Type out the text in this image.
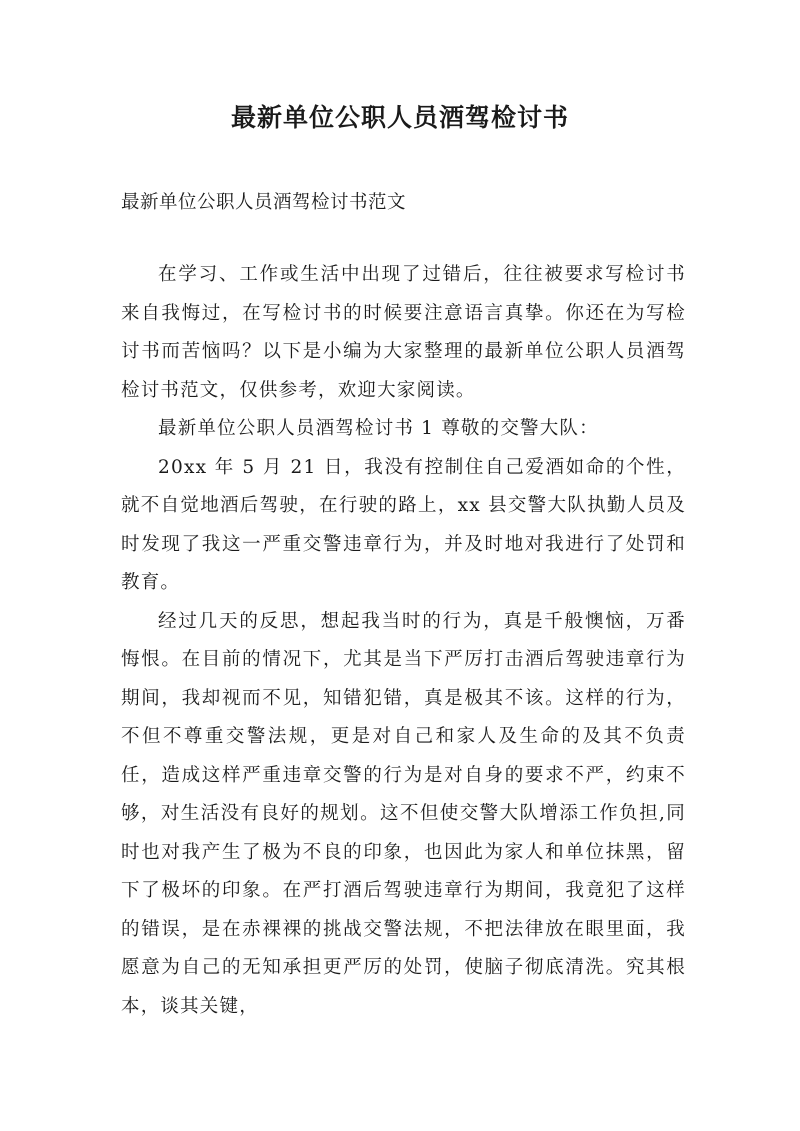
最新单位公职人员酒驾检讨书
最新单位公职人员酒驾检讨书范文

在学习、工作或生活中出现了过错后，往往被要求写检讨书来自我悔过，在写检讨书的时候要注意语言真挚。你还在为写检讨书而苦恼吗？以下是小编为大家整理的最新单位公职人员酒驾检讨书范文，仅供参考，欢迎大家阅读。

最新单位公职人员酒驾检讨书 1 尊敬的交警大队：

20xx 年 5 月 21 日，我没有控制住自己爱酒如命的个性，就不自觉地酒后驾驶，在行驶的路上，xx 县交警大队执勤人员及时发现了我这一严重交警违章行为，并及时地对我进行了处罚和教育。

经过几天的反思，想起我当时的行为，真是千般懊恼，万番悔恨。在目前的情况下，尤其是当下严厉打击酒后驾驶违章行为期间，我却视而不见，知错犯错，真是极其不该。这样的行为，不但不尊重交警法规，更是对自己和家人及生命的及其不负责任，造成这样严重违章交警的行为是对自身的要求不严，约束不够，对生活没有良好的规划。这不但使交警大队增添工作负担,同时也对我产生了极为不良的印象，也因此为家人和单位抹黑，留下了极坏的印象。在严打酒后驾驶违章行为期间，我竟犯了这样的错误，是在赤裸裸的挑战交警法规，不把法律放在眼里面，我愿意为自己的无知承担更严厉的处罚，使脑子彻底清洗。究其根本，谈其关键，
